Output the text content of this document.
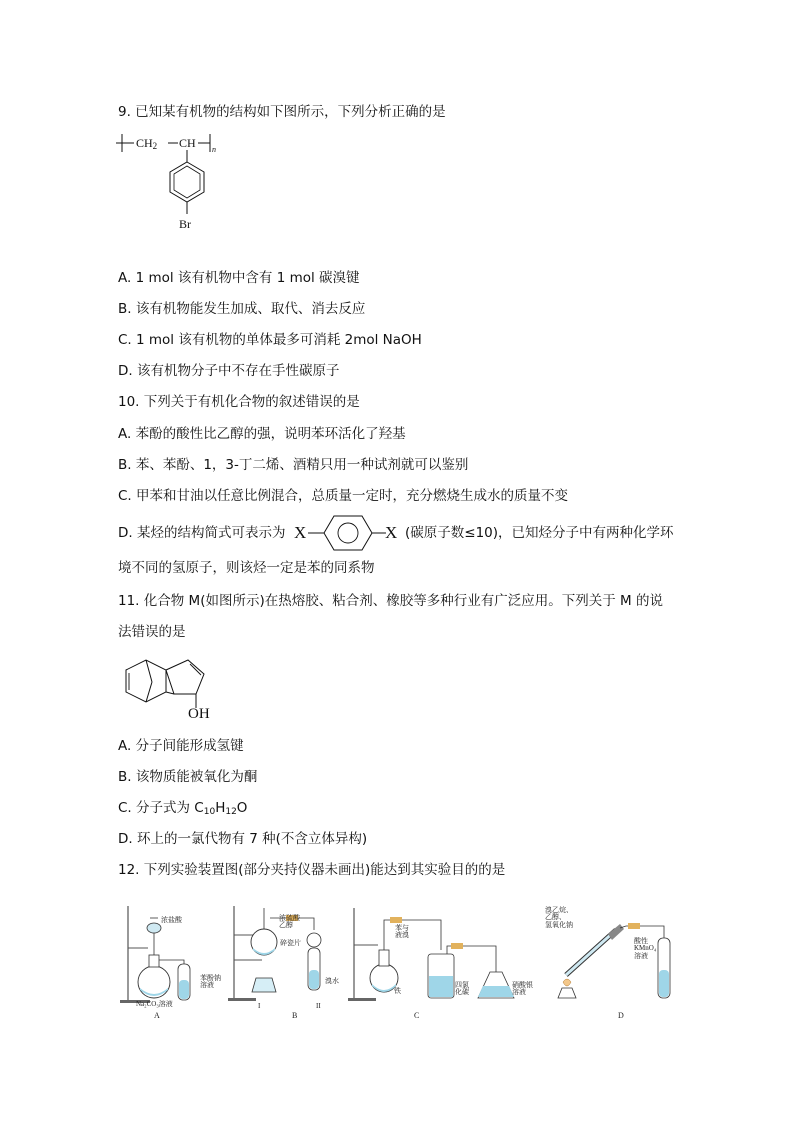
9. 已知某有机物的结构如下图所示，下列分析正确的是
$CH_2$ CH n
Br
A. 1 mol 该有机物中含有 1 mol 碳溴键
B. 该有机物能发生加成、取代、消去反应
C. 1 mol 该有机物的单体最多可消耗 2mol NaOH
D. 该有机物分子中不存在手性碳原子
10. 下列关于有机化合物的叙述错误的是
A. 苯酚的酸性比乙醇的强，说明苯环活化了羟基
B. 苯、苯酚、1，3-丁二烯、酒精只用一种试剂就可以鉴别
C. 甲苯和甘油以任意比例混合，总质量一定时，充分燃烧生成水的质量不变
D. 某烃的结构简式可表示为 X	X (碳原子数≤10)，已知烃分子中有两种化学环
境不同的氢原子，则该烃一定是苯的同系物
11. 化合物 M(如图所示)在热熔胶、粘合剂、橡胶等多种行业有广泛应用。下列关于 M 的说
法错误的是
OH
A. 分子间能形成氢键
B. 该物质能被氧化为酮
C. 分子式为 $C_{10}H_{12}O$
D. 环上的一氯代物有 7 种(不含立体异构)
12. 下列实验装置图(部分夹持仪器未画出)能达到其实验目的的是
浓盐酸
苯酚钠
溶液
Na₂CO₃溶液
A
浓硫酸
乙醇
碎瓷片
溴水
I	II
B
苯与
液溴
铁
四氯
化碳
硝酸银
溶液
C
溴乙烷、
乙醇、
氢氧化钠
酸性
KMnO₄
溶液
D
